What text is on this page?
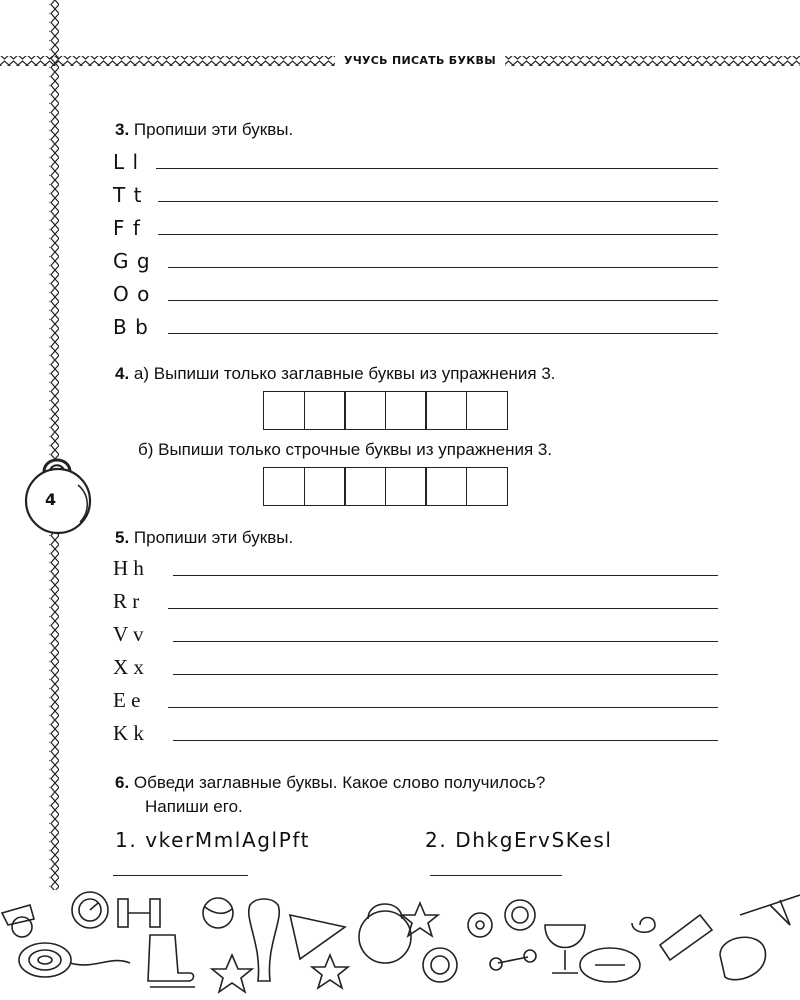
УЧУСЬ ПИСАТЬ БУКВЫ
3. Пропиши эти буквы.
L l
T t
F f
G g
O o
B b
4. а) Выпиши только заглавные буквы из упражнения 3.
б) Выпиши только строчные буквы из упражнения 3.
4
5. Пропиши эти буквы.
H h
R r
V v
X x
E e
K k
6. Обведи заглавные буквы. Какое слово получилось?
Напиши его.
1. vkerMmlAglPft	2. DhkgErvSKesl
